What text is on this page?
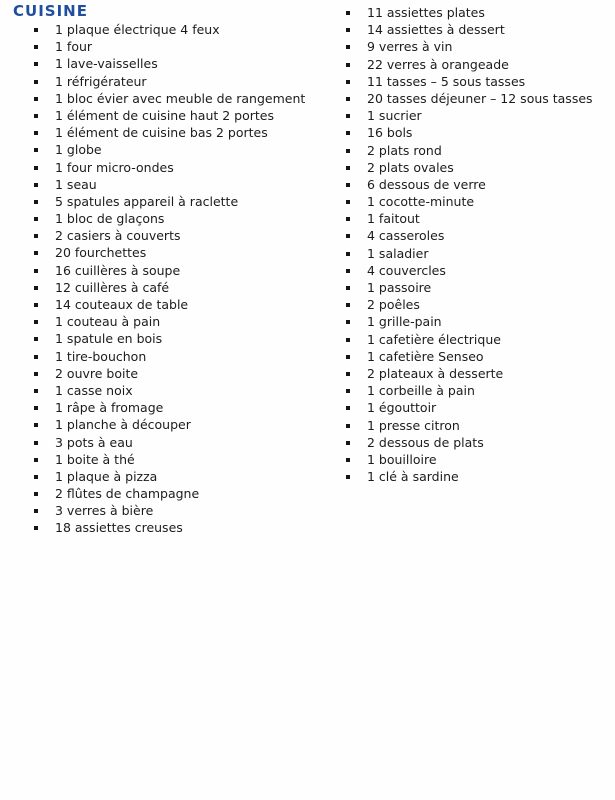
CUISINE
1 plaque électrique 4 feux
1 four
1 lave-vaisselles
1 réfrigérateur
1 bloc évier avec meuble de rangement
1 élément de cuisine haut 2 portes
1 élément de cuisine bas 2 portes
1 globe
1 four micro-ondes
1 seau
5 spatules appareil à raclette
1 bloc de glaçons
2 casiers à couverts
20 fourchettes
16 cuillères à soupe
12 cuillères à café
14 couteaux de table
1 couteau à pain
1 spatule en bois
1 tire-bouchon
2 ouvre boite
1 casse noix
1 râpe à fromage
1 planche à découper
3 pots à eau
1 boite à thé
1 plaque à pizza
2 flûtes de champagne
3 verres à bière
18 assiettes creuses
11 assiettes plates
14 assiettes à dessert
9 verres à vin
22 verres à orangeade
11 tasses – 5 sous tasses
20 tasses déjeuner – 12 sous tasses
1 sucrier
16 bols
2 plats rond
2 plats ovales
6 dessous de verre
1 cocotte-minute
1 faitout
4 casseroles
1 saladier
4 couvercles
1 passoire
2 poêles
1 grille-pain
1 cafetière électrique
1 cafetière Senseo
2 plateaux à desserte
1 corbeille à pain
1 égouttoir
1 presse citron
2 dessous de plats
1 bouilloire
1 clé à sardine
